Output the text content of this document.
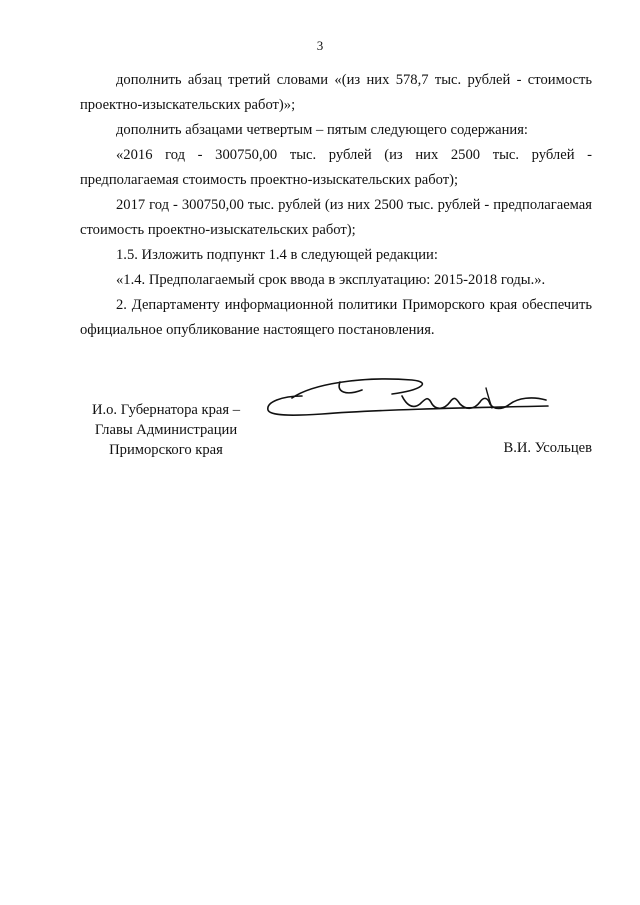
3

дополнить абзац третий словами «(из них 578,7 тыс. рублей - стоимость проектно-изыскательских работ)»;

дополнить абзацами четвертым – пятым следующего содержания:

«2016 год - 300750,00 тыс. рублей (из них 2500 тыс. рублей - предполагаемая стоимость проектно-изыскательских работ);

2017 год - 300750,00 тыс. рублей (из них 2500 тыс. рублей - предполагаемая стоимость проектно-изыскательских работ);

1.5. Изложить подпункт 1.4 в следующей редакции:

«1.4. Предполагаемый срок ввода в эксплуатацию: 2015-2018 годы.».

2. Департаменту информационной политики Приморского края обеспечить официальное опубликование настоящего постановления.

И.о. Губернатора края –
Главы Администрации
Приморского края	В.И. Усольцев
